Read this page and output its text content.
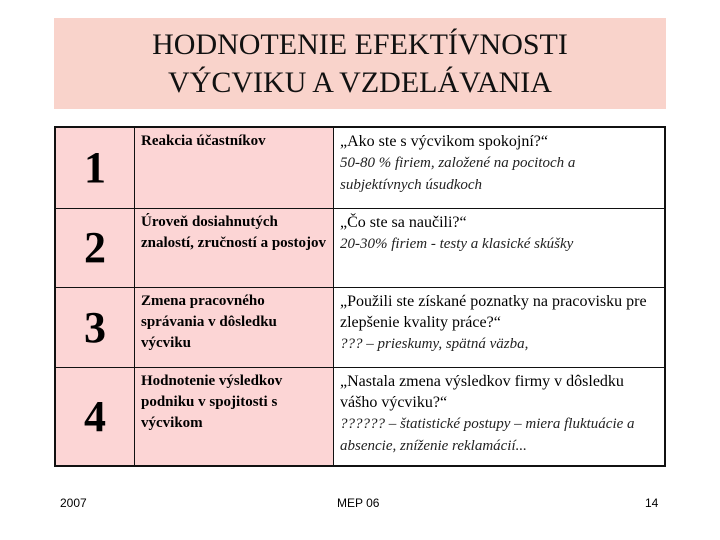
HODNOTENIE EFEKTÍVNOSTI
VÝCVIKU A VZDELÁVANIA
1	Reakcia účastníkov	„Ako ste s výcvikom spokojní?“
50-80 % firiem, založené na pocitoch a subjektívnych úsudkoch

2	Úroveň dosiahnutých znalostí, zručností a postojov	„Čo ste sa naučili?“
20-30% firiem - testy a klasické skúšky

3	Zmena pracovného správania v dôsledku výcviku	„Použili ste získané poznatky na pracovisku pre zlepšenie kvality práce?“
??? – prieskumy, spätná väzba,

4	Hodnotenie výsledkov podniku v spojitosti s výcvikom	„Nastala zmena výsledkov firmy v dôsledku vášho výcviku?“
?????? – štatistické postupy – miera fluktuácie a absencie, zníženie reklamácií...
2007	MEP 06	14
